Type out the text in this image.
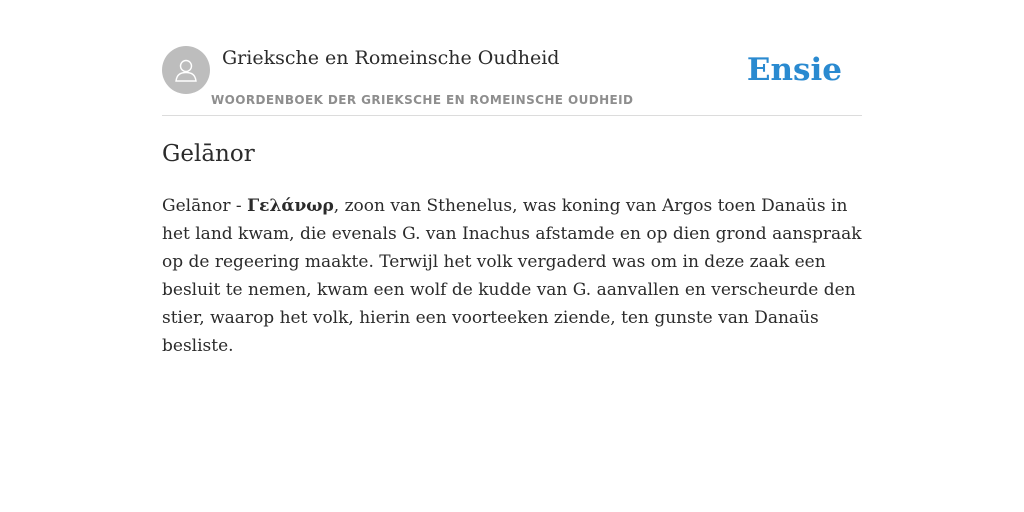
Grieksche en Romeinsche Oudheid
WOORDENBOEK DER GRIEKSCHE EN ROMEINSCHE OUDHEID
Ensie
Gelānor
Gelānor - Γελάνωρ, zoon van Sthenelus, was koning van Argos toen Danaüs in het land kwam, die evenals G. van Inachus afstamde en op dien grond aanspraak op de regeering maakte. Terwijl het volk vergaderd was om in deze zaak een besluit te nemen, kwam een wolf de kudde van G. aanvallen en verscheurde den stier, waarop het volk, hierin een voorteeken ziende, ten gunste van Danaüs besliste.
